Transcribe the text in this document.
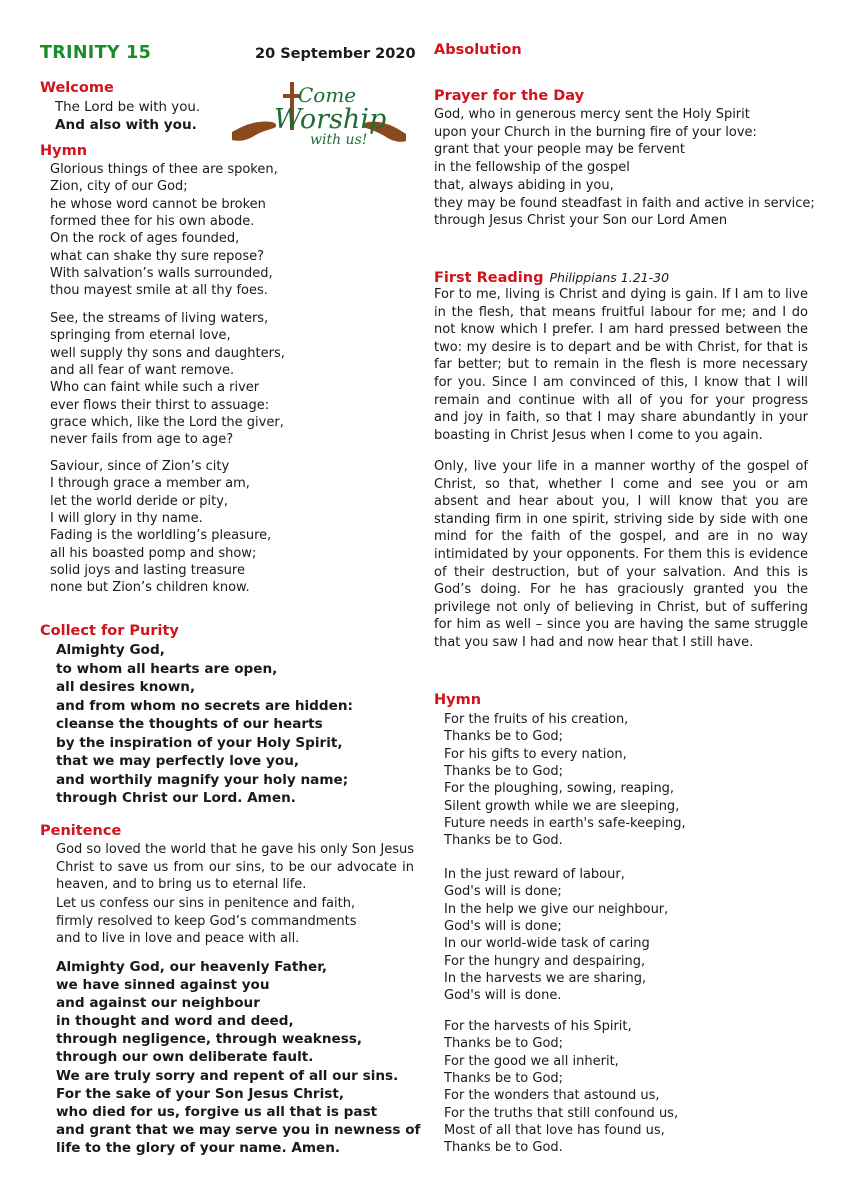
TRINITY 15	20 September 2020
Welcome
The Lord be with you.
And also with you.
Come
Worship
with us!
Hymn
Glorious things of thee are spoken,
Zion, city of our God;
he whose word cannot be broken
formed thee for his own abode.
On the rock of ages founded,
what can shake thy sure repose?
With salvation’s walls surrounded,
thou mayest smile at all thy foes.
See, the streams of living waters,
springing from eternal love,
well supply thy sons and daughters,
and all fear of want remove.
Who can faint while such a river
ever flows their thirst to assuage:
grace which, like the Lord the giver,
never fails from age to age?
Saviour, since of Zion’s city
I through grace a member am,
let the world deride or pity,
I will glory in thy name.
Fading is the worldling’s pleasure,
all his boasted pomp and show;
solid joys and lasting treasure
none but Zion’s children know.
Collect for Purity
Almighty God,
to whom all hearts are open,
all desires known,
and from whom no secrets are hidden:
cleanse the thoughts of our hearts
by the inspiration of your Holy Spirit,
that we may perfectly love you,
and worthily magnify your holy name;
through Christ our Lord. Amen.
Penitence
God so loved the world that he gave his only Son Jesus Christ to save us from our sins, to be our advocate in heaven, and to bring us to eternal life.
Let us confess our sins in penitence and faith,
firmly resolved to keep God’s commandments
and to live in love and peace with all.
Almighty God, our heavenly Father,
we have sinned against you
and against our neighbour
in thought and word and deed,
through negligence, through weakness,
through our own deliberate fault.
We are truly sorry and repent of all our sins.
For the sake of your Son Jesus Christ,
who died for us, forgive us all that is past
and grant that we may serve you in newness of
life to the glory of your name. Amen.
Absolution
Prayer for the Day
God, who in generous mercy sent the Holy Spirit
upon your Church in the burning fire of your love:
grant that your people may be fervent
in the fellowship of the gospel
that, always abiding in you,
they may be found steadfast in faith and active in service;
through Jesus Christ your Son our Lord Amen
First Reading Philippians 1.21-30
For to me, living is Christ and dying is gain. If I am to live in the flesh, that means fruitful labour for me; and I do not know which I prefer. I am hard pressed between the two: my desire is to depart and be with Christ, for that is far better; but to remain in the flesh is more necessary for you. Since I am convinced of this, I know that I will remain and continue with all of you for your progress and joy in faith, so that I may share abundantly in your boasting in Christ Jesus when I come to you again.
Only, live your life in a manner worthy of the gospel of Christ, so that, whether I come and see you or am absent and hear about you, I will know that you are standing firm in one spirit, striving side by side with one mind for the faith of the gospel, and are in no way intimidated by your opponents. For them this is evidence of their destruction, but of your salvation. And this is God’s doing. For he has graciously granted you the privilege not only of believing in Christ, but of suffering for him as well – since you are having the same struggle that you saw I had and now hear that I still have.
Hymn
For the fruits of his creation,
Thanks be to God;
For his gifts to every nation,
Thanks be to God;
For the ploughing, sowing, reaping,
Silent growth while we are sleeping,
Future needs in earth's safe-keeping,
Thanks be to God.
In the just reward of labour,
God's will is done;
In the help we give our neighbour,
God's will is done;
In our world-wide task of caring
For the hungry and despairing,
In the harvests we are sharing,
God's will is done.
For the harvests of his Spirit,
Thanks be to God;
For the good we all inherit,
Thanks be to God;
For the wonders that astound us,
For the truths that still confound us,
Most of all that love has found us,
Thanks be to God.
